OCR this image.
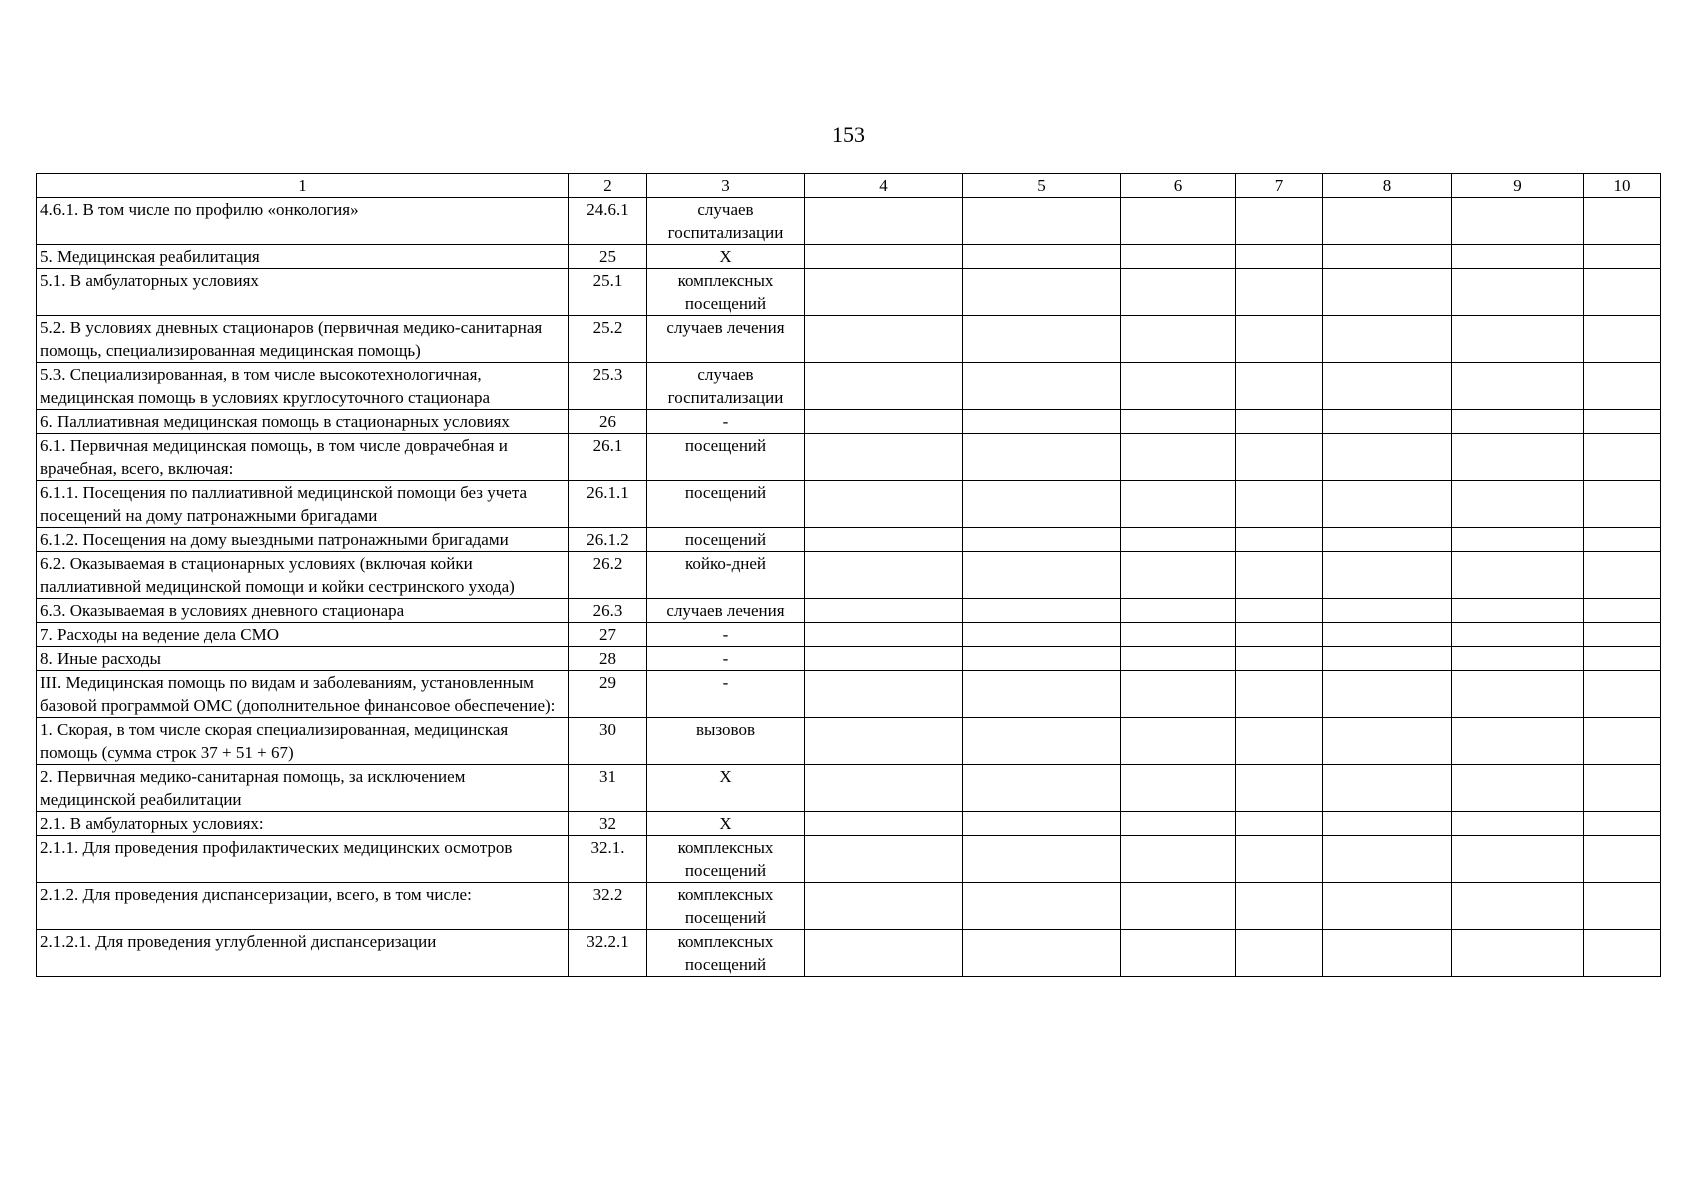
153
1	2	3	4	5	6	7	8	9	10
4.6.1. В том числе по профилю «онкология»	24.6.1	случаев госпитализации							
5. Медицинская реабилитация	25	Х							
5.1. В амбулаторных условиях	25.1	комплексных посещений							
5.2. В условиях дневных стационаров (первичная медико-санитарная помощь, специализированная медицинская помощь)	25.2	случаев лечения							
5.3. Специализированная, в том числе высокотехнологичная, медицинская помощь в условиях круглосуточного стационара	25.3	случаев госпитализации							
6. Паллиативная медицинская помощь в стационарных условиях	26	-							
6.1. Первичная медицинская помощь, в том числе доврачебная и врачебная, всего, включая:	26.1	посещений							
6.1.1. Посещения по паллиативной медицинской помощи без учета посещений на дому патронажными бригадами	26.1.1	посещений							
6.1.2. Посещения на дому выездными патронажными бригадами	26.1.2	посещений							
6.2. Оказываемая в стационарных условиях (включая койки паллиативной медицинской помощи и койки сестринского ухода)	26.2	койко-дней							
6.3. Оказываемая в условиях дневного стационара	26.3	случаев лечения							
7. Расходы на ведение дела СМО	27	-							
8. Иные расходы	28	-							
III. Медицинская помощь по видам и заболеваниям, установленным базовой программой ОМС (дополнительное финансовое обеспечение):	29	-							
1. Скорая, в том числе скорая специализированная, медицинская помощь (сумма строк 37 + 51 + 67)	30	вызовов							
2. Первичная медико-санитарная помощь, за исключением медицинской реабилитации	31	Х							
2.1. В амбулаторных условиях:	32	Х							
2.1.1. Для проведения профилактических медицинских осмотров	32.1.	комплексных посещений							
2.1.2. Для проведения диспансеризации, всего, в том числе:	32.2	комплексных посещений							
2.1.2.1. Для проведения углубленной диспансеризации	32.2.1	комплексных посещений							
